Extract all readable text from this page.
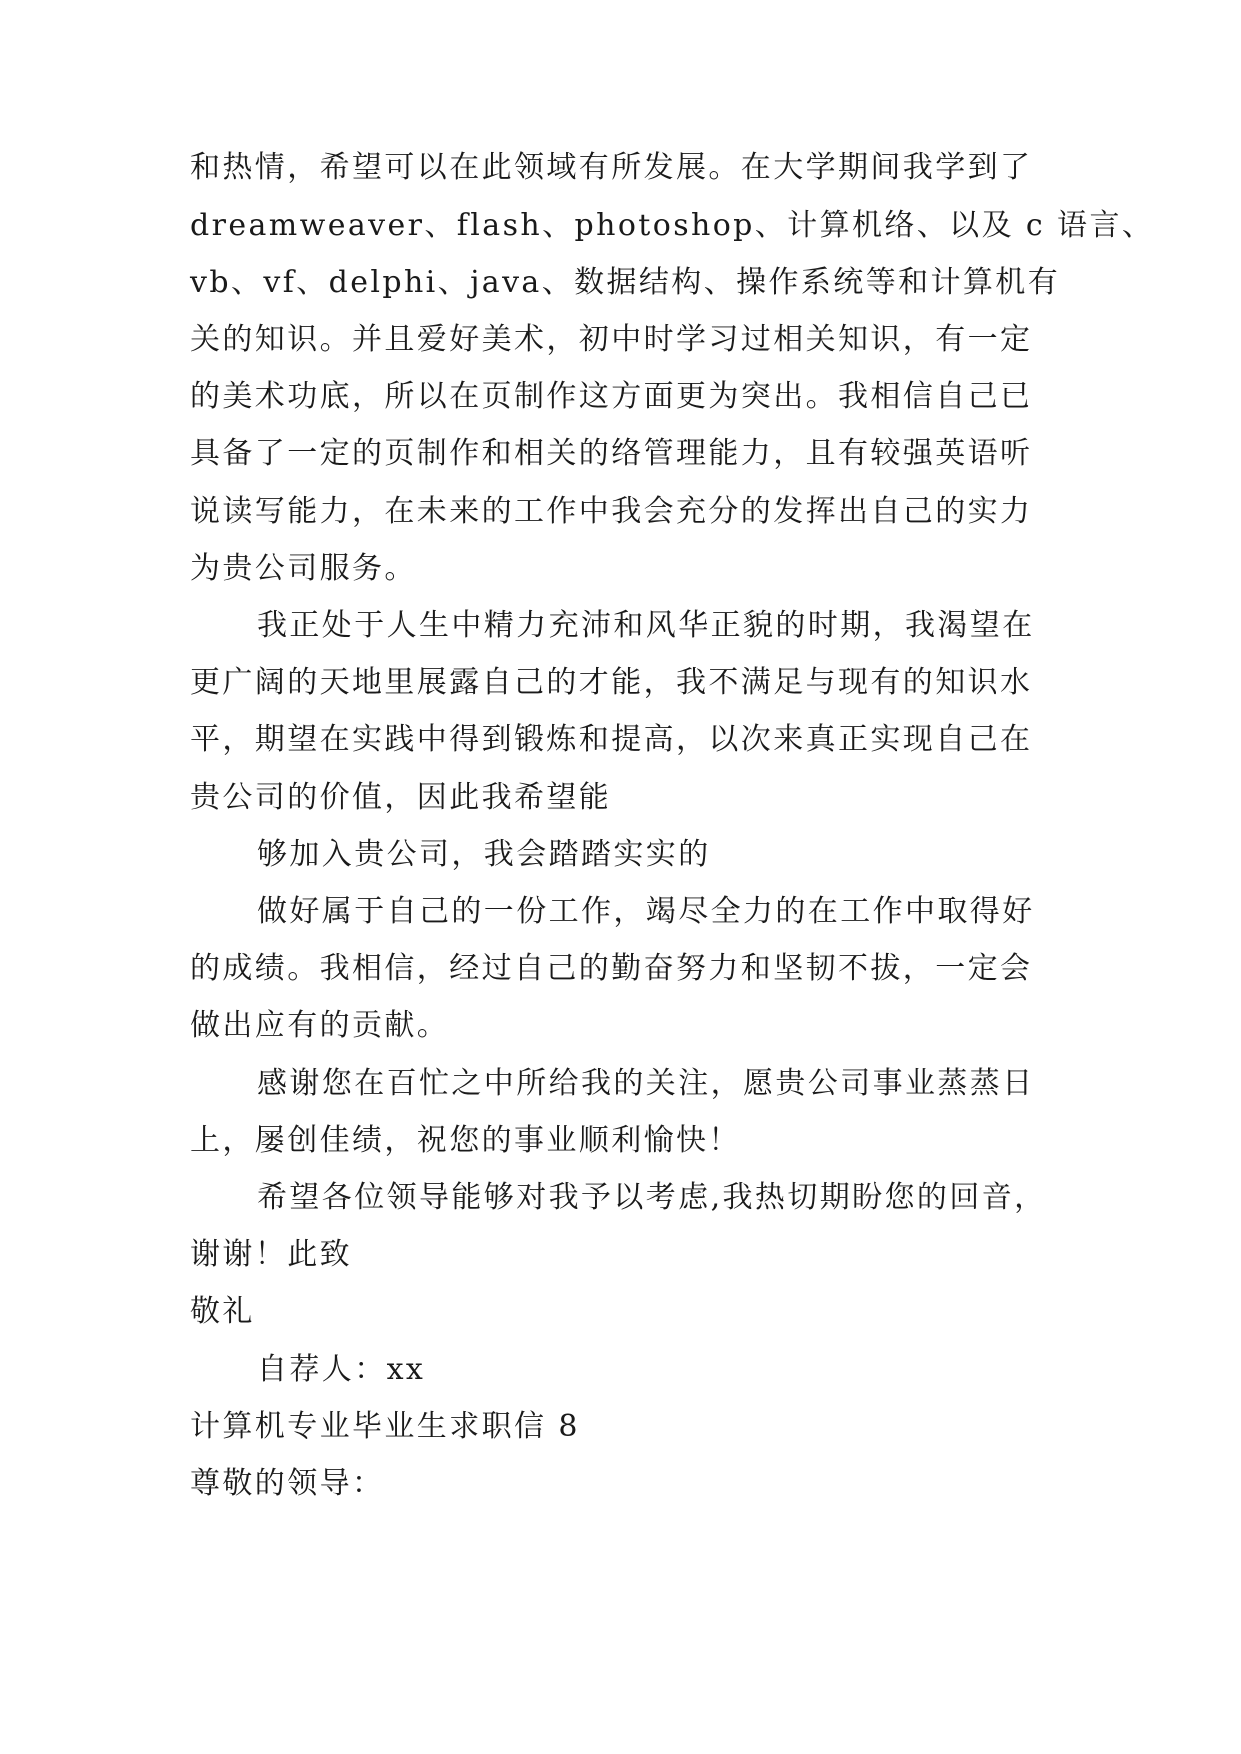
和热情，希望可以在此领域有所发展。在大学期间我学到了
dreamweaver、flash、photoshop、计算机络、以及 c 语言、
vb、vf、delphi、java、数据结构、操作系统等和计算机有
关的知识。并且爱好美术，初中时学习过相关知识，有一定
的美术功底，所以在页制作这方面更为突出。我相信自己已
具备了一定的页制作和相关的络管理能力，且有较强英语听
说读写能力，在未来的工作中我会充分的发挥出自己的实力
为贵公司服务。
我正处于人生中精力充沛和风华正貌的时期，我渴望在
更广阔的天地里展露自己的才能，我不满足与现有的知识水
平，期望在实践中得到锻炼和提高，以次来真正实现自己在
贵公司的价值，因此我希望能
够加入贵公司，我会踏踏实实的
做好属于自己的一份工作，竭尽全力的在工作中取得好
的成绩。我相信，经过自己的勤奋努力和坚韧不拔，一定会
做出应有的贡献。
感谢您在百忙之中所给我的关注，愿贵公司事业蒸蒸日
上，屡创佳绩，祝您的事业顺利愉快！
希望各位领导能够对我予以考虑,我热切期盼您的回音，
谢谢！此致
敬礼
自荐人：xx
计算机专业毕业生求职信 8
尊敬的领导：
